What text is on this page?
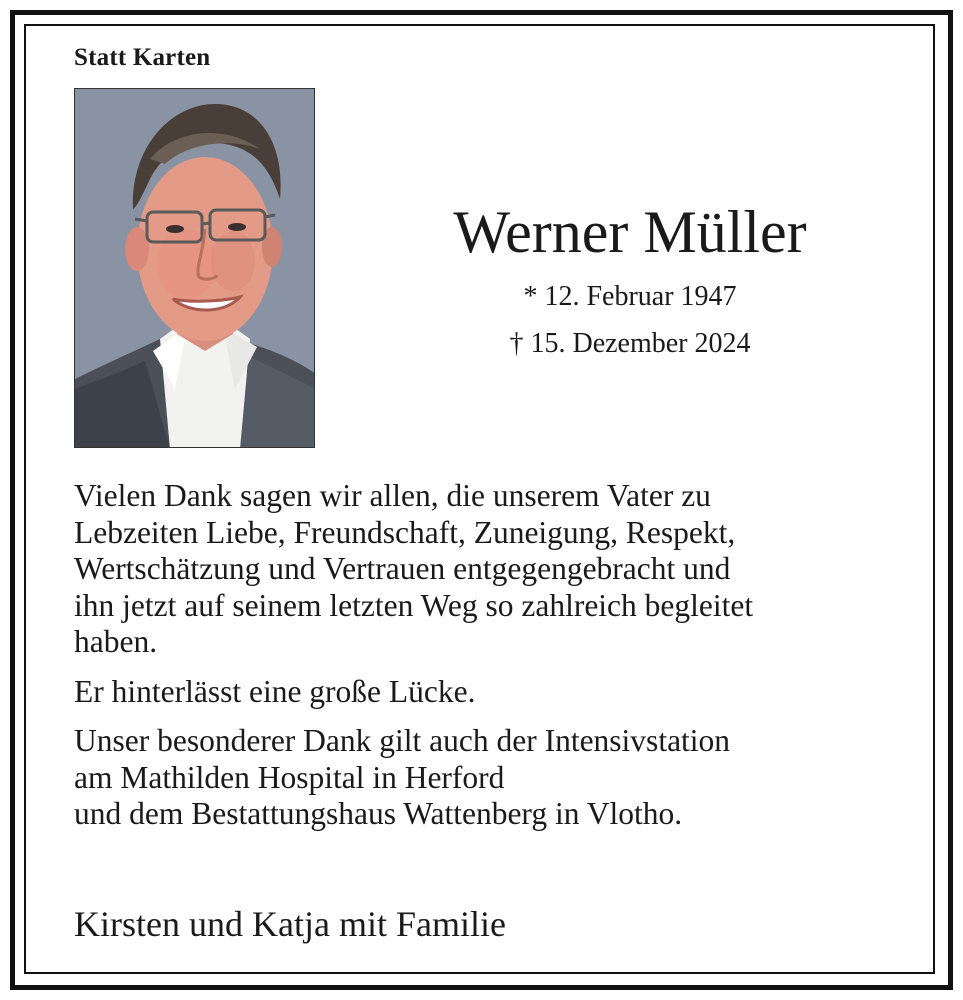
Statt Karten
Werner Müller
* 12. Februar 1947
† 15. Dezember 2024

Vielen Dank sagen wir allen, die unserem Vater zu
Lebzeiten Liebe, Freundschaft, Zuneigung, Respekt,
Wertschätzung und Vertrauen entgegengebracht und
ihn jetzt auf seinem letzten Weg so zahlreich begleitet
haben.

Er hinterlässt eine große Lücke.

Unser besonderer Dank gilt auch der Intensivstation
am Mathilden Hospital in Herford
und dem Bestattungshaus Wattenberg in Vlotho.

Kirsten und Katja mit Familie
